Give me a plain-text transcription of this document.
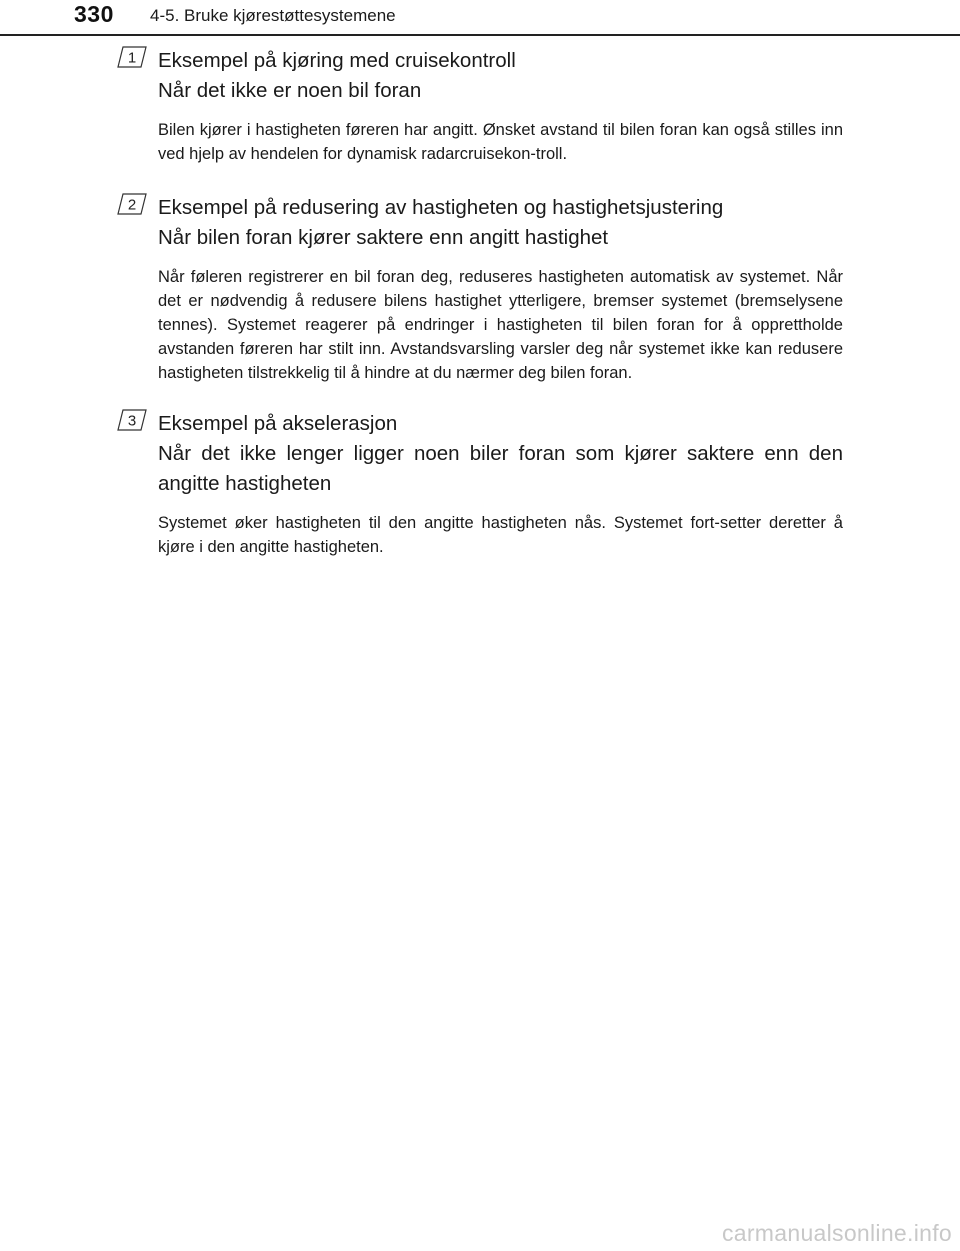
330 4-5. Bruke kjørestøttesystemene
1 Eksempel på kjøring med cruisekontroll
Når det ikke er noen bil foran
Bilen kjører i hastigheten føreren har angitt. Ønsket avstand til bilen foran kan også stilles inn ved hjelp av hendelen for dynamisk radarcruisekon-troll.
2 Eksempel på redusering av hastigheten og hastighetsjustering
Når bilen foran kjører saktere enn angitt hastighet
Når føleren registrerer en bil foran deg, reduseres hastigheten automatisk av systemet. Når det er nødvendig å redusere bilens hastighet ytterligere, bremser systemet (bremselysene tennes). Systemet reagerer på endringer i hastigheten til bilen foran for å opprettholde avstanden føreren har stilt inn. Avstandsvarsling varsler deg når systemet ikke kan redusere hastigheten tilstrekkelig til å hindre at du nærmer deg bilen foran.
3 Eksempel på akselerasjon
Når det ikke lenger ligger noen biler foran som kjører saktere enn den angitte hastigheten
Systemet øker hastigheten til den angitte hastigheten nås. Systemet fort-setter deretter å kjøre i den angitte hastigheten.
carmanualsonline.info
